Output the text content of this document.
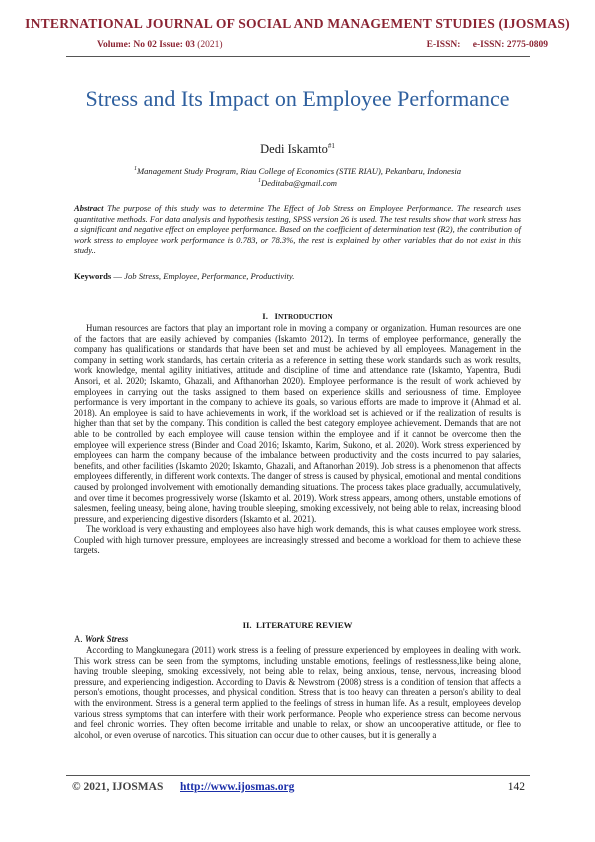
INTERNATIONAL JOURNAL OF SOCIAL AND MANAGEMENT STUDIES (IJOSMAS)
Volume: No 02 Issue: 03 (2021)	E-ISSN: e-ISSN: 2775-0809
Stress and Its Impact on Employee Performance
Dedi Iskamto$^{\#1}$
$^1$Management Study Program, Riau College of Economics (STIE RIAU), Pekanbaru, Indonesia
$^1$Deditaba@gmail.com
Abstract The purpose of this study was to determine The Effect of Job Stress on Employee Performance. The research uses quantitative methods. For data analysis and hypothesis testing, SPSS version 26 is used. The test results show that work stress has a significant and negative effect on employee performance. Based on the coefficient of determination test (R2), the contribution of work stress to employee work performance is 0.783, or 78.3%, the rest is explained by other variables that do not exist in this study..
Keywords — Job Stress, Employee, Performance, Productivity.
I. INTRODUCTION

Human resources are factors that play an important role in moving a company or organization. Human resources are one of the factors that are easily achieved by companies (Iskamto 2012). In terms of employee performance, generally the company has qualifications or standards that have been set and must be achieved by all employees. Management in the company in setting work standards, has certain criteria as a reference in setting these work standards such as work results, work knowledge, mental agility initiatives, attitude and discipline of time and attendance rate (Iskamto, Yapentra, Budi Ansori, et al. 2020; Iskamto, Ghazali, and Afthanorhan 2020). Employee performance is the result of work achieved by employees in carrying out the tasks assigned to them based on experience skills and seriousness of time. Employee performance is very important in the company to achieve its goals, so various efforts are made to improve it (Ahmad et al. 2018). An employee is said to have achievements in work, if the workload set is achieved or if the realization of results is higher than that set by the company. This condition is called the best category employee achievement. Demands that are not able to be controlled by each employee will cause tension within the employee and if it cannot be overcome then the employee will experience stress (Binder and Coad 2016; Iskamto, Karim, Sukono, et al. 2020). Work stress experienced by employees can harm the company because of the imbalance between productivity and the costs incurred to pay salaries, benefits, and other facilities (Iskamto 2020; Iskamto, Ghazali, and Aftanorhan 2019). Job stress is a phenomenon that affects employees differently, in different work contexts. The danger of stress is caused by physical, emotional and mental conditions caused by prolonged involvement with emotionally demanding situations. The process takes place gradually, accumulatively, and over time it becomes progressively worse (Iskamto et al. 2019). Work stress appears, among others, unstable emotions of salesmen, feeling uneasy, being alone, having trouble sleeping, smoking excessively, not being able to relax, increasing blood pressure, and experiencing digestive disorders (Iskamto et al. 2021).

The workload is very exhausting and employees also have high work demands, this is what causes employee work stress. Coupled with high turnover pressure, employees are increasingly stressed and become a workload for them to achieve these targets.

II. LITERATURE REVIEW
A. Work Stress

According to Mangkunegara (2011) work stress is a feeling of pressure experienced by employees in dealing with work. This work stress can be seen from the symptoms, including unstable emotions, feelings of restlessness,like being alone, having trouble sleeping, smoking excessively, not being able to relax, being anxious, tense, nervous, increasing blood pressure, and experiencing indigestion. According to Davis & Newstrom (2008) stress is a condition of tension that affects a person's emotions, thought processes, and physical condition. Stress that is too heavy can threaten a person's ability to deal with the environment. Stress is a general term applied to the feelings of stress in human life. As a result, employees develop various stress symptoms that can interfere with their work performance. People who experience stress can become nervous and feel chronic worries. They often become irritable and unable to relax, or show an uncooperative attitude, or flee to alcohol, or even overuse of narcotics. This situation can occur due to other causes, but it is generally a

© 2021, IJOSMAS http://www.ijosmas.org	142
